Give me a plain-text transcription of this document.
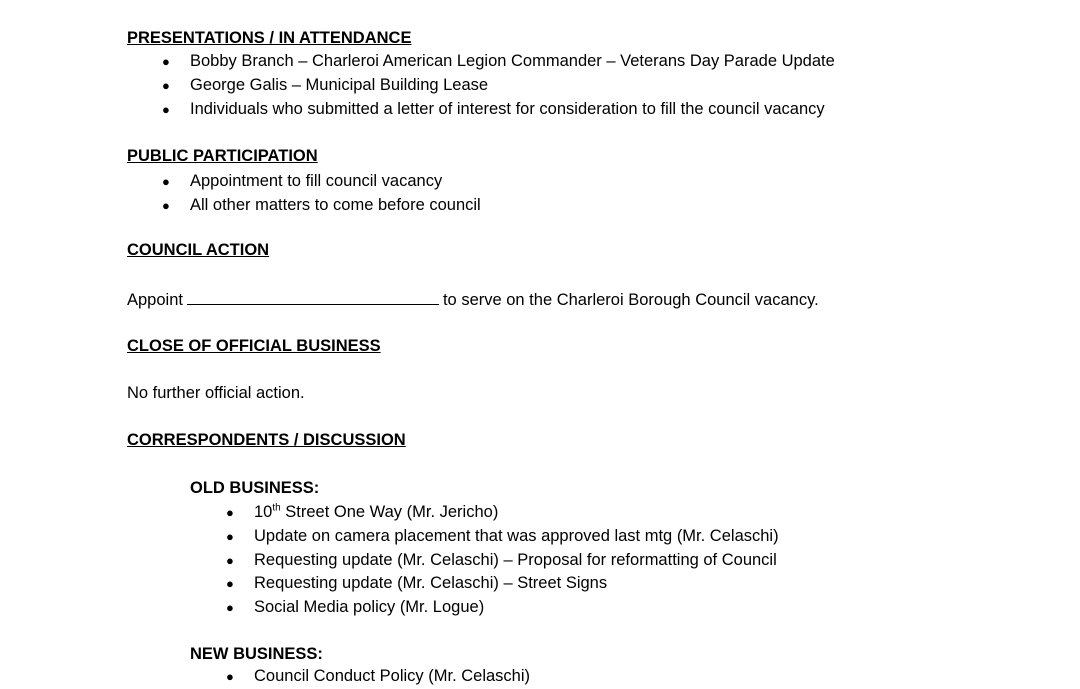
PRESENTATIONS / IN ATTENDANCE
● Bobby Branch – Charleroi American Legion Commander – Veterans Day Parade Update
● George Galis – Municipal Building Lease
● Individuals who submitted a letter of interest for consideration to fill the council vacancy
PUBLIC PARTICIPATION
● Appointment to fill council vacancy
● All other matters to come before council
COUNCIL ACTION
Appoint	to serve on the Charleroi Borough Council vacancy.
CLOSE OF OFFICIAL BUSINESS
No further official action.
CORRESPONDENTS / DISCUSSION
OLD BUSINESS:
● 10th Street One Way (Mr. Jericho)
● Update on camera placement that was approved last mtg (Mr. Celaschi)
● Requesting update (Mr. Celaschi) – Proposal for reformatting of Council
● Requesting update (Mr. Celaschi) – Street Signs
● Social Media policy (Mr. Logue)
NEW BUSINESS:
● Council Conduct Policy (Mr. Celaschi)
